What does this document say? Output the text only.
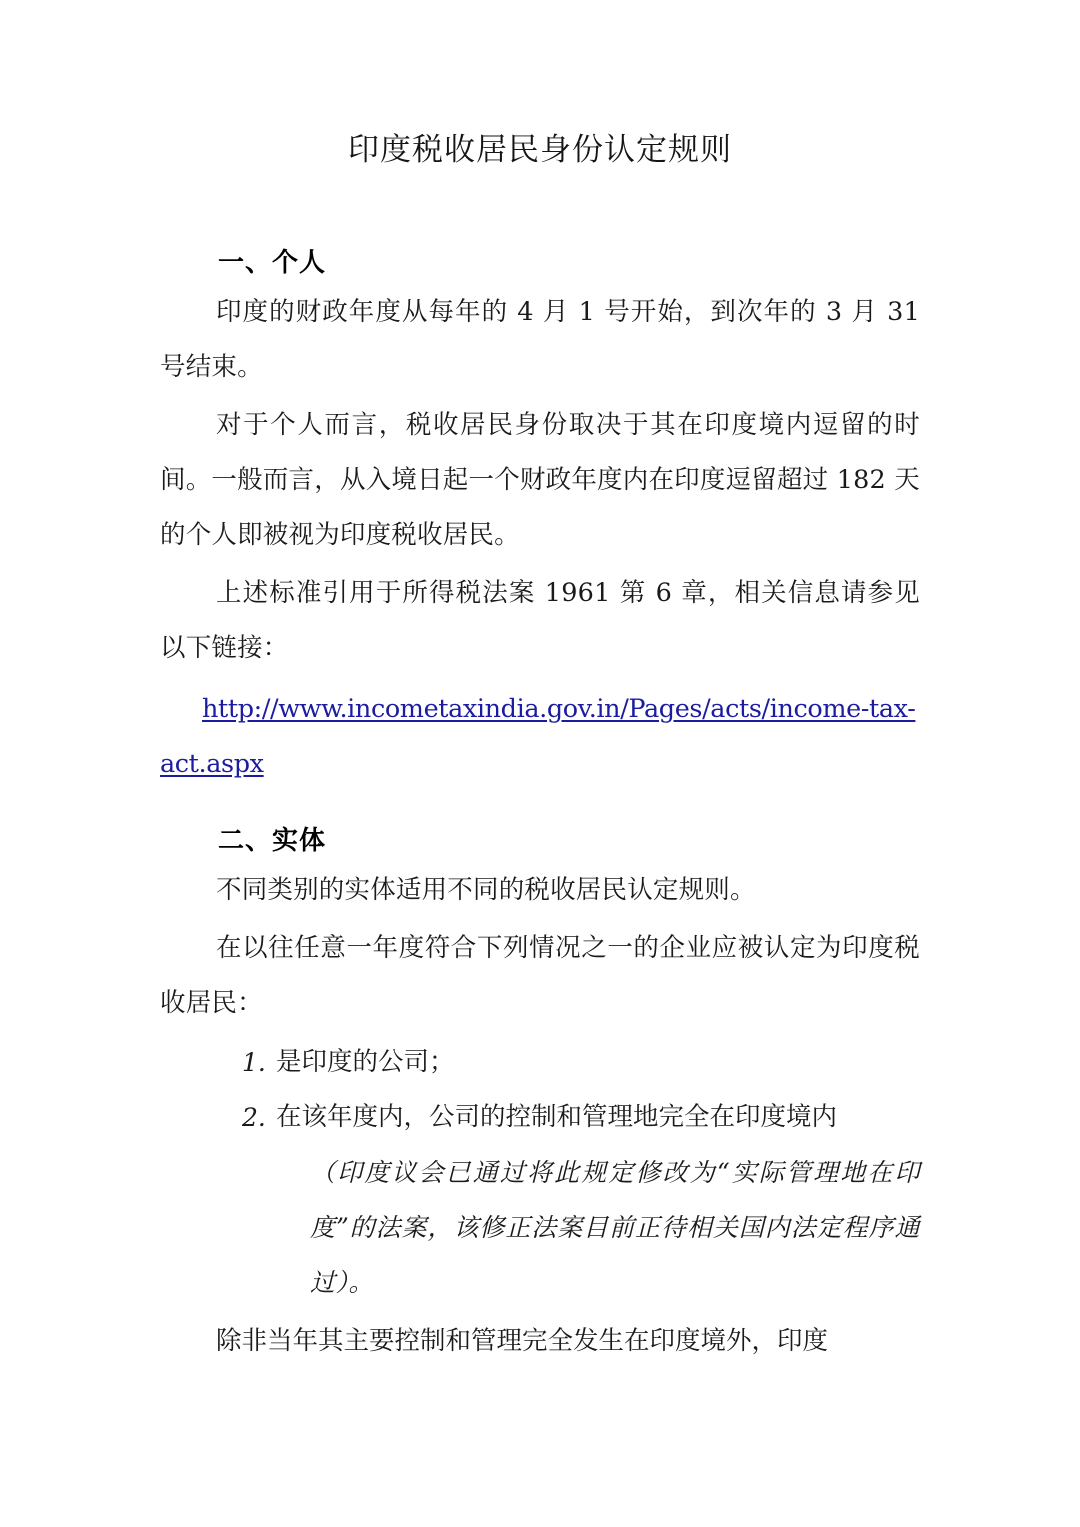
印度税收居民身份认定规则
一、个人

印度的财政年度从每年的 4 月 1 号开始，到次年的 3 月 31 号结束。

对于个人而言，税收居民身份取决于其在印度境内逗留的时间。一般而言，从入境日起一个财政年度内在印度逗留超过 182 天的个人即被视为印度税收居民。

上述标准引用于所得税法案 1961 第 6 章，相关信息请参见以下链接：

http://www.incometaxindia.gov.in/Pages/acts/income-tax-act.aspx

二、实体

不同类别的实体适用不同的税收居民认定规则。

在以往任意一年度符合下列情况之一的企业应被认定为印度税收居民：

1. 是印度的公司；
2. 在该年度内，公司的控制和管理地完全在印度境内
（印度议会已通过将此规定修改为“实际管理地在印度”的法案，该修正法案目前正待相关国内法定程序通过）。

除非当年其主要控制和管理完全发生在印度境外，印度
